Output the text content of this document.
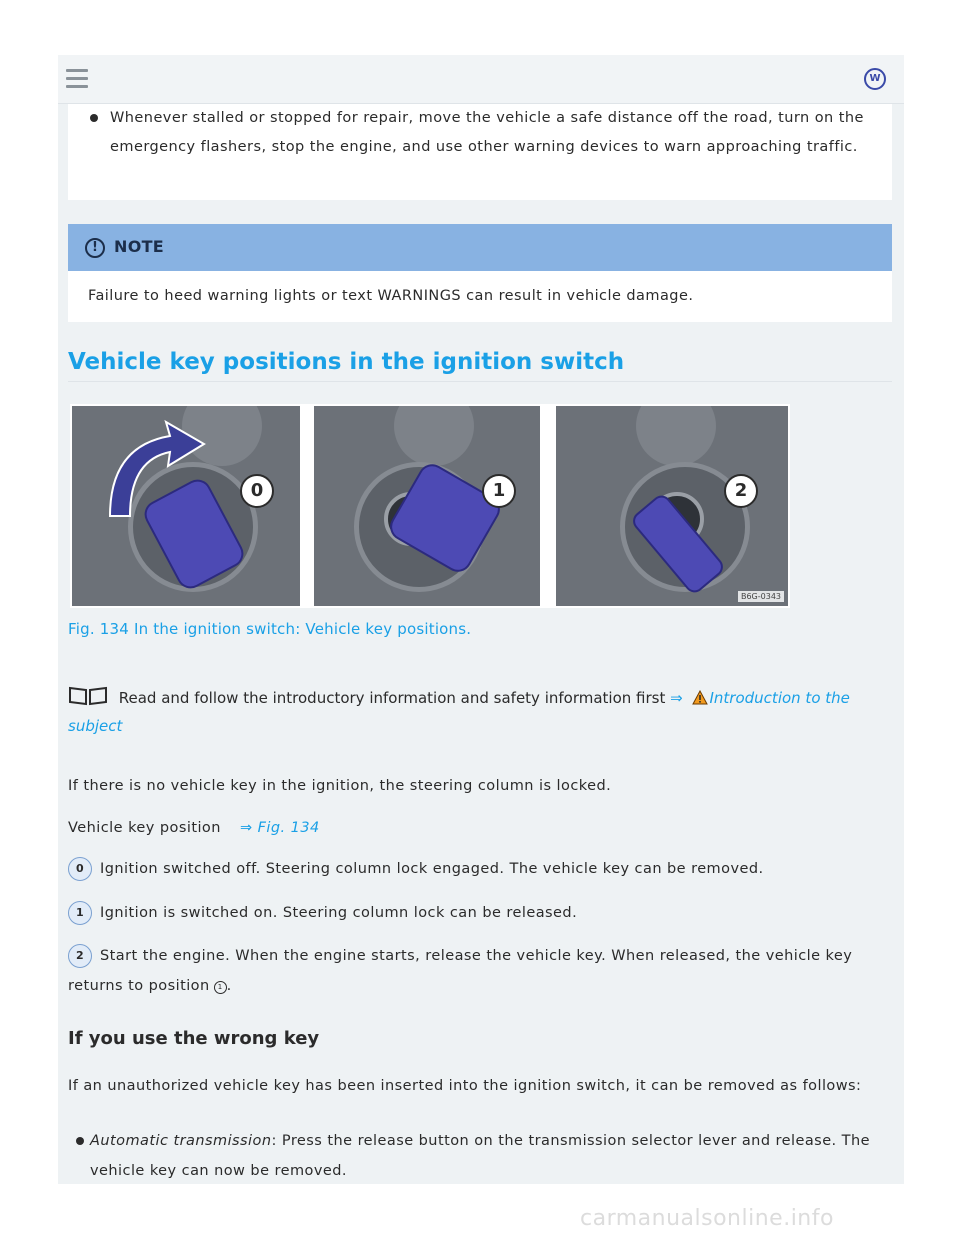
W
Whenever stalled or stopped for repair, move the vehicle a safe distance off the road, turn on the emergency flashers, stop the engine, and use other warning devices to warn approaching traffic.
!	NOTE
Failure to heed warning lights or text WARNINGS can result in vehicle damage.
Vehicle key positions in the ignition switch
0	1	2
B6G-0343
Fig. 134 In the ignition switch: Vehicle key positions.
Read and follow the introductory information and safety information first ⇒ Introduction to the subject
If there is no vehicle key in the ignition, the steering column is locked.
Vehicle key position ⇒ Fig. 134
0 Ignition switched off. Steering column lock engaged. The vehicle key can be removed.
1 Ignition is switched on. Steering column lock can be released.
2 Start the engine. When the engine starts, release the vehicle key. When released, the vehicle key returns to position 1 .
If you use the wrong key
If an unauthorized vehicle key has been inserted into the ignition switch, it can be removed as follows:
Automatic transmission: Press the release button on the transmission selector lever and release. The vehicle key can now be removed.
carmanualsonline.info
